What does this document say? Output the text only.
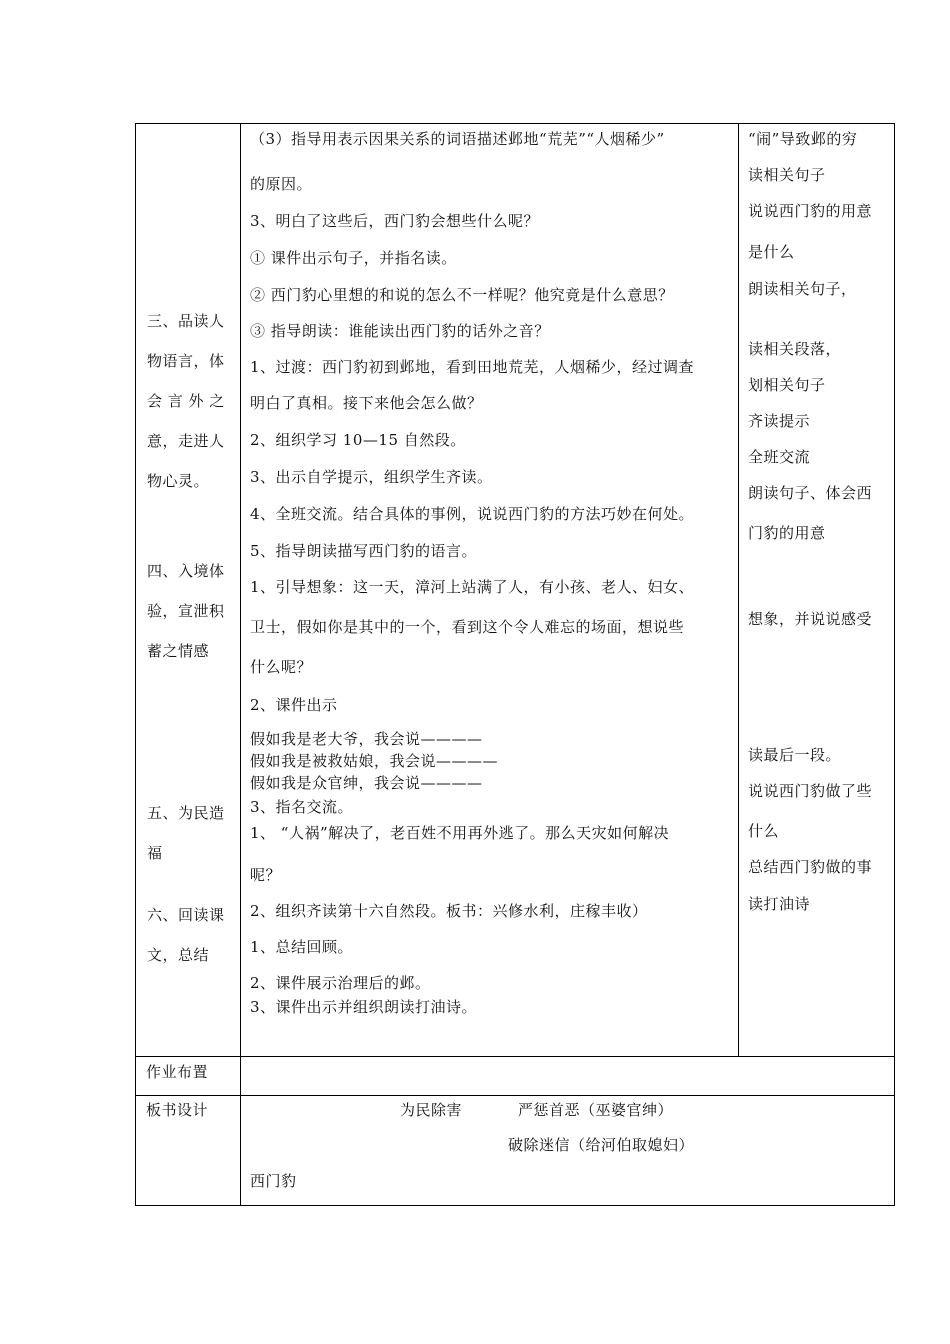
三、品读人
物语言，体
会 言 外 之
意，走进人
物心灵。
四、入境体
验，宣泄积
蓄之情感
五、为民造
福
六、回读课
文，总结
（3）指导用表示因果关系的词语描述邺地“荒芜”“人烟稀少”
的原因。
3、明白了这些后，西门豹会想些什么呢？
① 课件出示句子，并指名读。
② 西门豹心里想的和说的怎么不一样呢？他究竟是什么意思？
③ 指导朗读：谁能读出西门豹的话外之音？
1、过渡：西门豹初到邺地，看到田地荒芜，人烟稀少，经过调查
明白了真相。接下来他会怎么做？
2、组织学习 10—15 自然段。
3、出示自学提示，组织学生齐读。
4、全班交流。结合具体的事例，说说西门豹的方法巧妙在何处。
5、指导朗读描写西门豹的语言。
1、引导想象：这一天，漳河上站满了人，有小孩、老人、妇女、
卫士，假如你是其中的一个，看到这个令人难忘的场面，想说些
什么呢？
2、课件出示
假如我是老大爷，我会说————
假如我是被救姑娘，我会说————
假如我是众官绅，我会说————
3、指名交流。
1、 “人祸”解决了，老百姓不用再外逃了。那么天灾如何解决
呢？
2、组织齐读第十六自然段。板书：兴修水利，庄稼丰收）
1、总结回顾。
2、课件展示治理后的邺。
3、课件出示并组织朗读打油诗。
“闹”导致邺的穷
读相关句子
说说西门豹的用意
是什么
朗读相关句子，
读相关段落，
划相关句子
齐读提示
全班交流
朗读句子、体会西
门豹的用意
想象，并说说感受
读最后一段。
说说西门豹做了些
什么
总结西门豹做的事
读打油诗
作业布置
板书设计	为民除害	严惩首恶（巫婆官绅）
破除迷信（给河伯取媳妇）
西门豹
